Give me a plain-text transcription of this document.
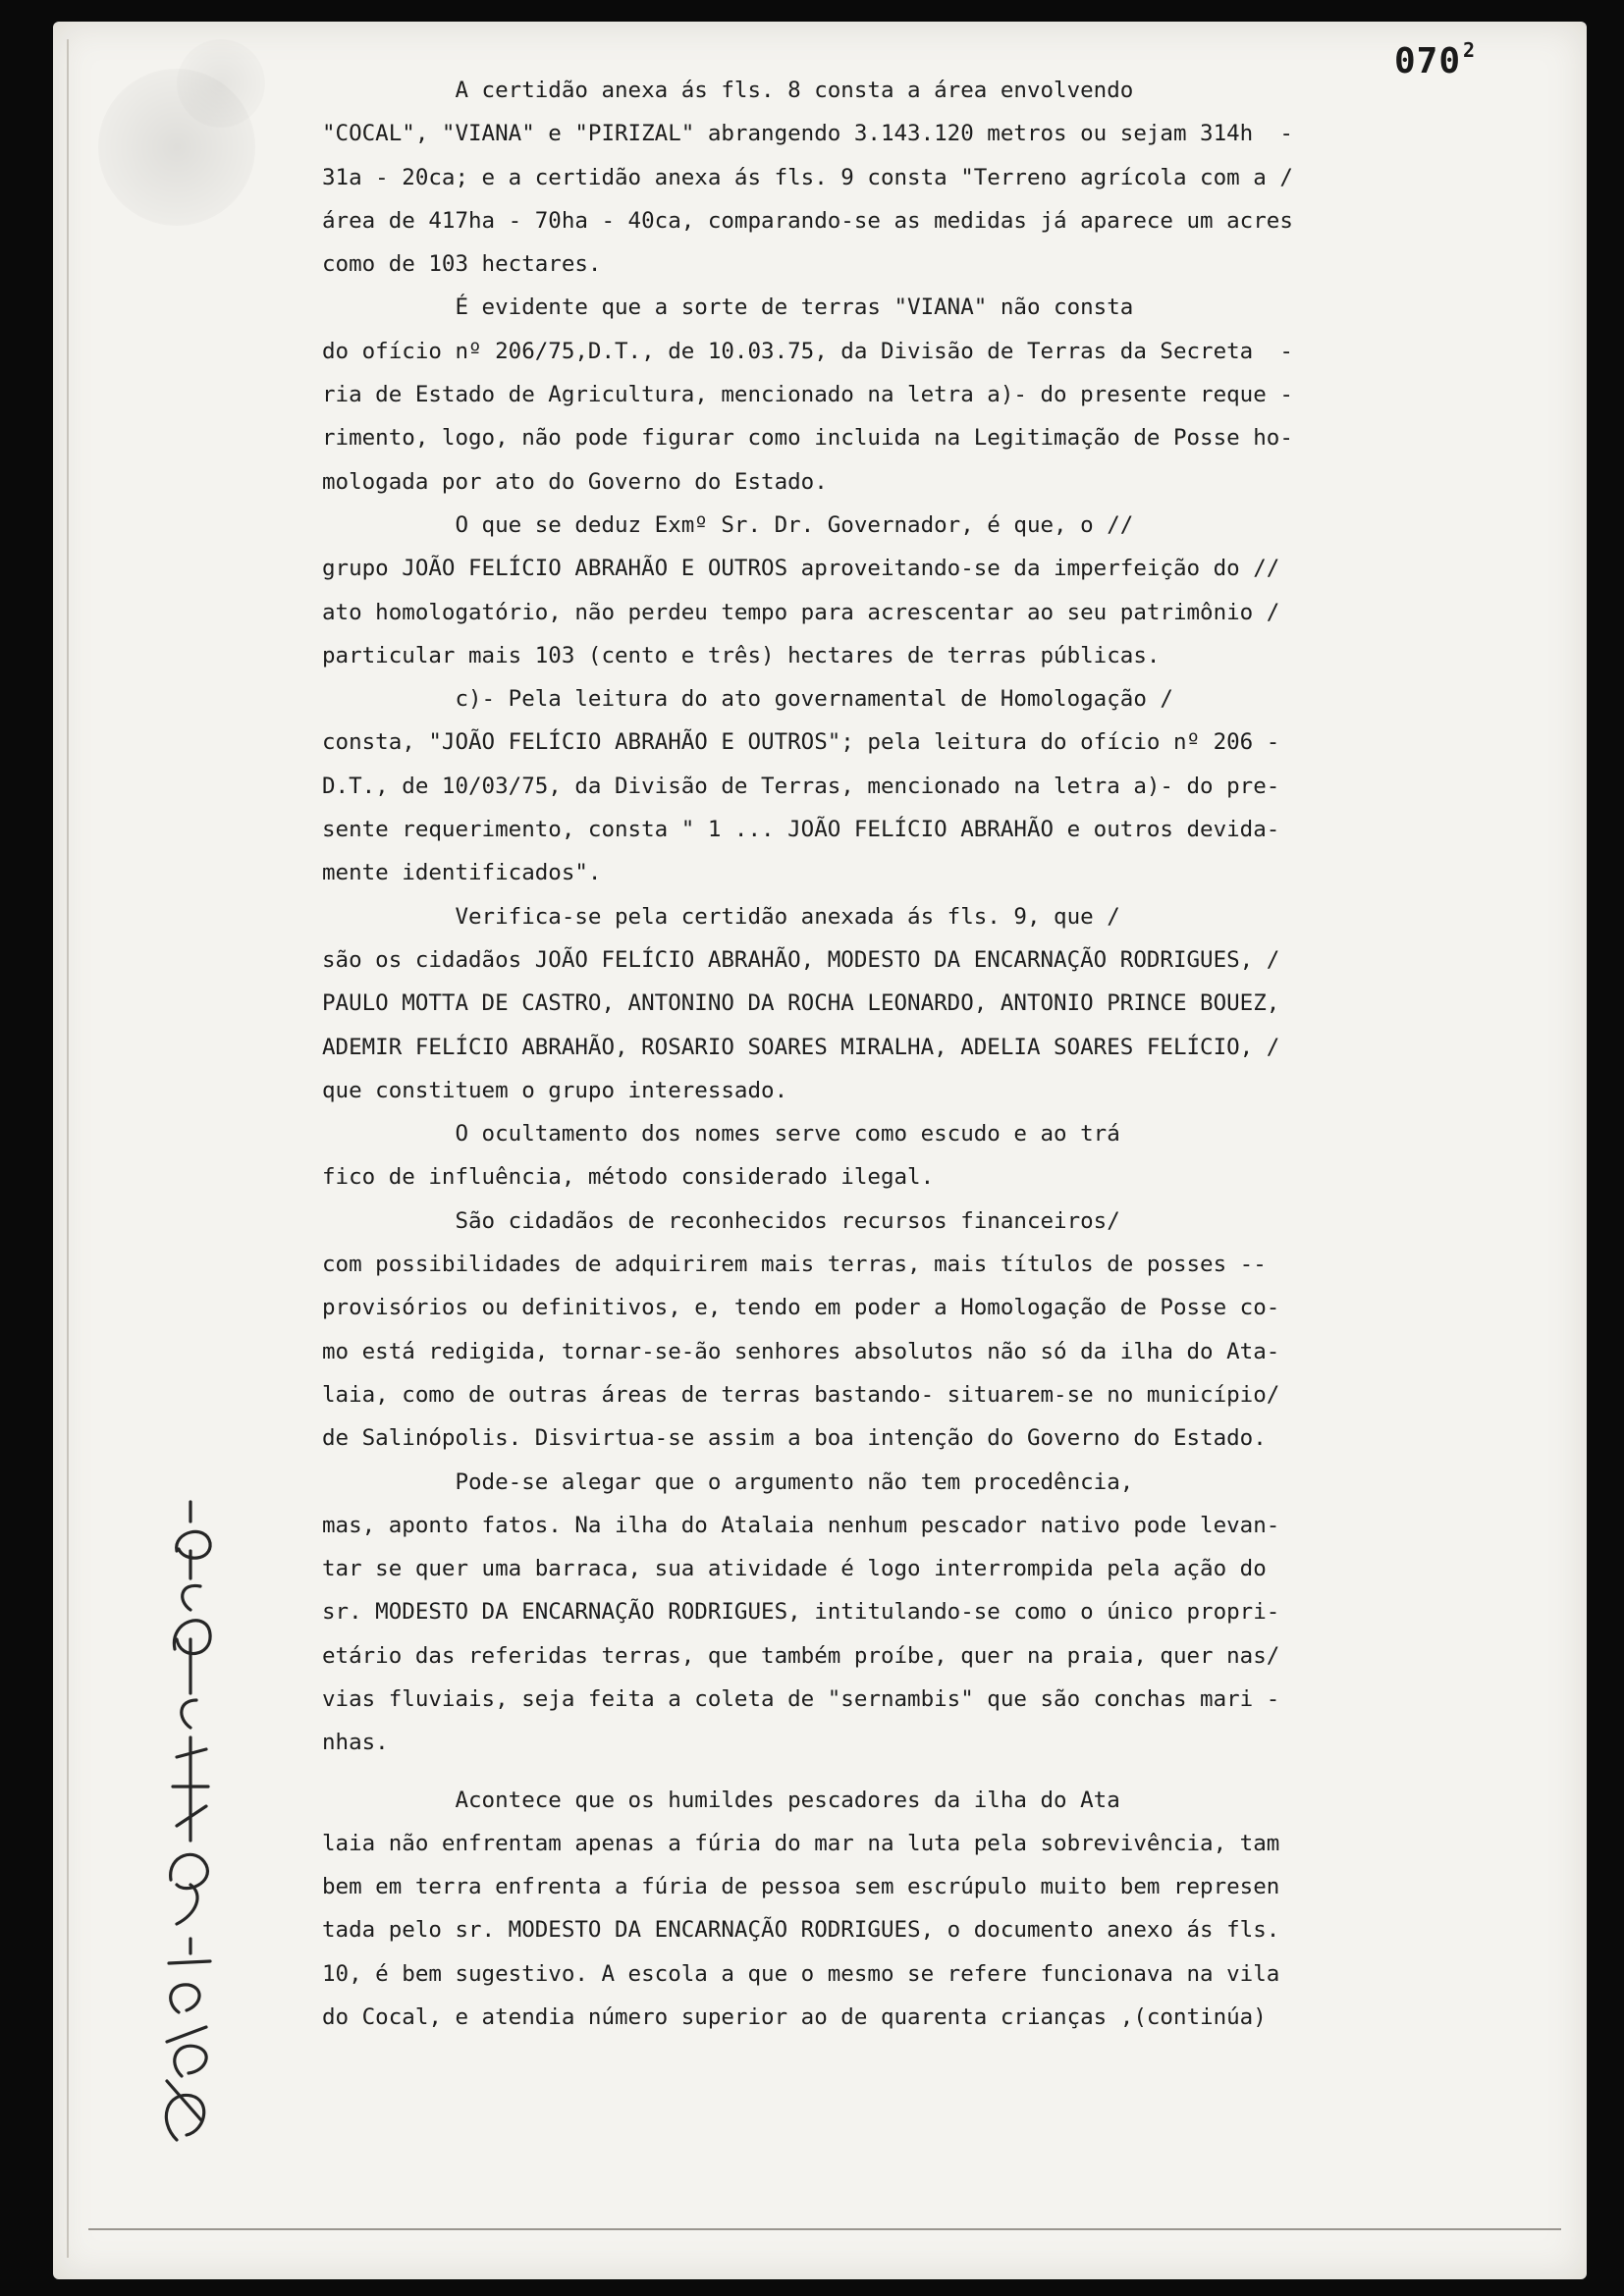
070 $^2$
A certidão anexa ás fls. 8 consta a área envolvendo
"COCAL", "VIANA" e "PIRIZAL" abrangendo 3.143.120 metros ou sejam 314h  -
31a - 20ca; e a certidão anexa ás fls. 9 consta "Terreno agrícola com a /
área de 417ha - 70ha - 40ca, comparando-se as medidas já aparece um acres
como de 103 hectares.
É evidente que a sorte de terras "VIANA" não consta
do ofício nº 206/75,D.T., de 10.03.75, da Divisão de Terras da Secreta  -
ria de Estado de Agricultura, mencionado na letra a)- do presente reque -
rimento, logo, não pode figurar como incluida na Legitimação de Posse ho-
mologada por ato do Governo do Estado.
O que se deduz Exmº Sr. Dr. Governador, é que, o //
grupo JOÃO FELÍCIO ABRAHÃO E OUTROS aproveitando-se da imperfeição do //
ato homologatório, não perdeu tempo para acrescentar ao seu patrimônio /
particular mais 103 (cento e três) hectares de terras públicas.
c)- Pela leitura do ato governamental de Homologação /
consta, "JOÃO FELÍCIO ABRAHÃO E OUTROS"; pela leitura do ofício nº 206 -
D.T., de 10/03/75, da Divisão de Terras, mencionado na letra a)- do pre-
sente requerimento, consta " 1 ... JOÃO FELÍCIO ABRAHÃO e outros devida-
mente identificados".
Verifica-se pela certidão anexada ás fls. 9, que /
são os cidadãos JOÃO FELÍCIO ABRAHÃO, MODESTO DA ENCARNAÇÃO RODRIGUES, /
PAULO MOTTA DE CASTRO, ANTONINO DA ROCHA LEONARDO, ANTONIO PRINCE BOUEZ,
ADEMIR FELÍCIO ABRAHÃO, ROSARIO SOARES MIRALHA, ADELIA SOARES FELÍCIO, /
que constituem o grupo interessado.
O ocultamento dos nomes serve como escudo e ao trá
fico de influência, método considerado ilegal.
São cidadãos de reconhecidos recursos financeiros/
com possibilidades de adquirirem mais terras, mais títulos de posses --
provisórios ou definitivos, e, tendo em poder a Homologação de Posse co-
mo está redigida, tornar-se-ão senhores absolutos não só da ilha do Ata-
laia, como de outras áreas de terras bastando- situarem-se no município/
de Salinópolis. Disvirtua-se assim a boa intenção do Governo do Estado.
Pode-se alegar que o argumento não tem procedência,
mas, aponto fatos. Na ilha do Atalaia nenhum pescador nativo pode levan-
tar se quer uma barraca, sua atividade é logo interrompida pela ação do
sr. MODESTO DA ENCARNAÇÃO RODRIGUES, intitulando-se como o único propri-
etário das referidas terras, que também proíbe, quer na praia, quer nas/
vias fluviais, seja feita a coleta de "sernambis" que são conchas mari -
nhas.
Acontece que os humildes pescadores da ilha do Ata
laia não enfrentam apenas a fúria do mar na luta pela sobrevivência, tam
bem em terra enfrenta a fúria de pessoa sem escrúpulo muito bem represen
tada pelo sr. MODESTO DA ENCARNAÇÃO RODRIGUES, o documento anexo ás fls.
10, é bem sugestivo. A escola a que o mesmo se refere funcionava na vila
do Cocal, e atendia número superior ao de quarenta crianças ,(continúa)
